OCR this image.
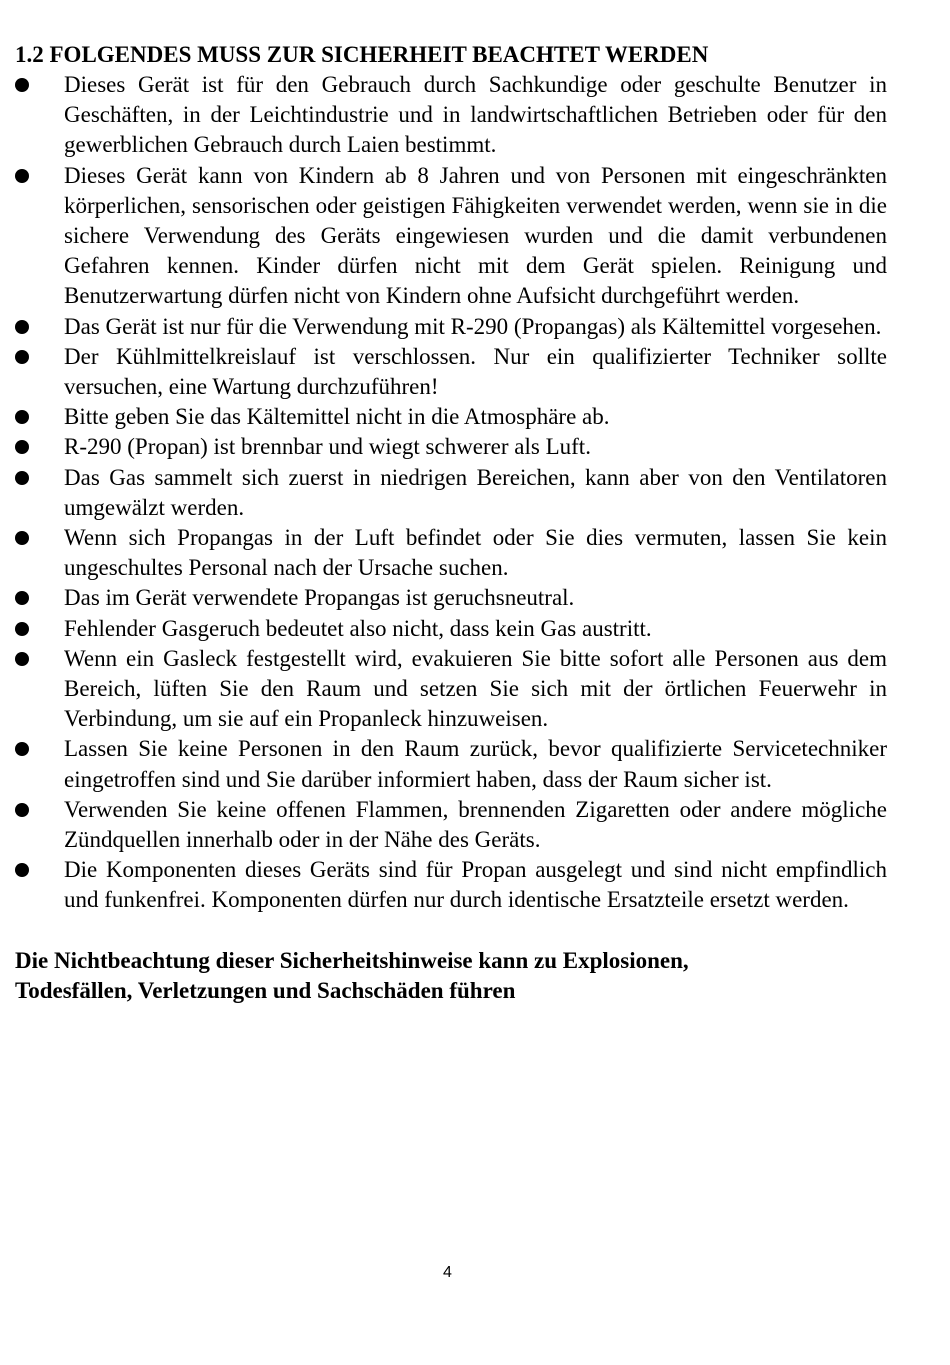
1.2 FOLGENDES MUSS ZUR SICHERHEIT BEACHTET WERDEN
Dieses Gerät ist für den Gebrauch durch Sachkundige oder geschulte Benutzer in Geschäften, in der Leichtindustrie und in landwirtschaftlichen Betrieben oder für den gewerblichen Gebrauch durch Laien bestimmt.
Dieses Gerät kann von Kindern ab 8 Jahren und von Personen mit eingeschränkten körperlichen, sensorischen oder geistigen Fähigkeiten verwendet werden, wenn sie in die sichere Verwendung des Geräts eingewiesen wurden und die damit verbundenen Gefahren kennen. Kinder dürfen nicht mit dem Gerät spielen. Reinigung und Benutzerwartung dürfen nicht von Kindern ohne Aufsicht durchgeführt werden.
Das Gerät ist nur für die Verwendung mit R-290 (Propangas) als Kältemittel vorgesehen.
Der Kühlmittelkreislauf ist verschlossen. Nur ein qualifizierter Techniker sollte versuchen, eine Wartung durchzuführen!
Bitte geben Sie das Kältemittel nicht in die Atmosphäre ab.
R-290 (Propan) ist brennbar und wiegt schwerer als Luft.
Das Gas sammelt sich zuerst in niedrigen Bereichen, kann aber von den Ventilatoren umgewälzt werden.
Wenn sich Propangas in der Luft befindet oder Sie dies vermuten, lassen Sie kein ungeschultes Personal nach der Ursache suchen.
Das im Gerät verwendete Propangas ist geruchsneutral.
Fehlender Gasgeruch bedeutet also nicht, dass kein Gas austritt.
Wenn ein Gasleck festgestellt wird, evakuieren Sie bitte sofort alle Personen aus dem Bereich, lüften Sie den Raum und setzen Sie sich mit der örtlichen Feuerwehr in Verbindung, um sie auf ein Propanleck hinzuweisen.
Lassen Sie keine Personen in den Raum zurück, bevor qualifizierte Servicetechniker eingetroffen sind und Sie darüber informiert haben, dass der Raum sicher ist.
Verwenden Sie keine offenen Flammen, brennenden Zigaretten oder andere mögliche Zündquellen innerhalb oder in der Nähe des Geräts.
Die Komponenten dieses Geräts sind für Propan ausgelegt und sind nicht empfindlich und funkenfrei. Komponenten dürfen nur durch identische Ersatzteile ersetzt werden.
Die Nichtbeachtung dieser Sicherheitshinweise kann zu Explosionen,
Todesfällen, Verletzungen und Sachschäden führen
4
